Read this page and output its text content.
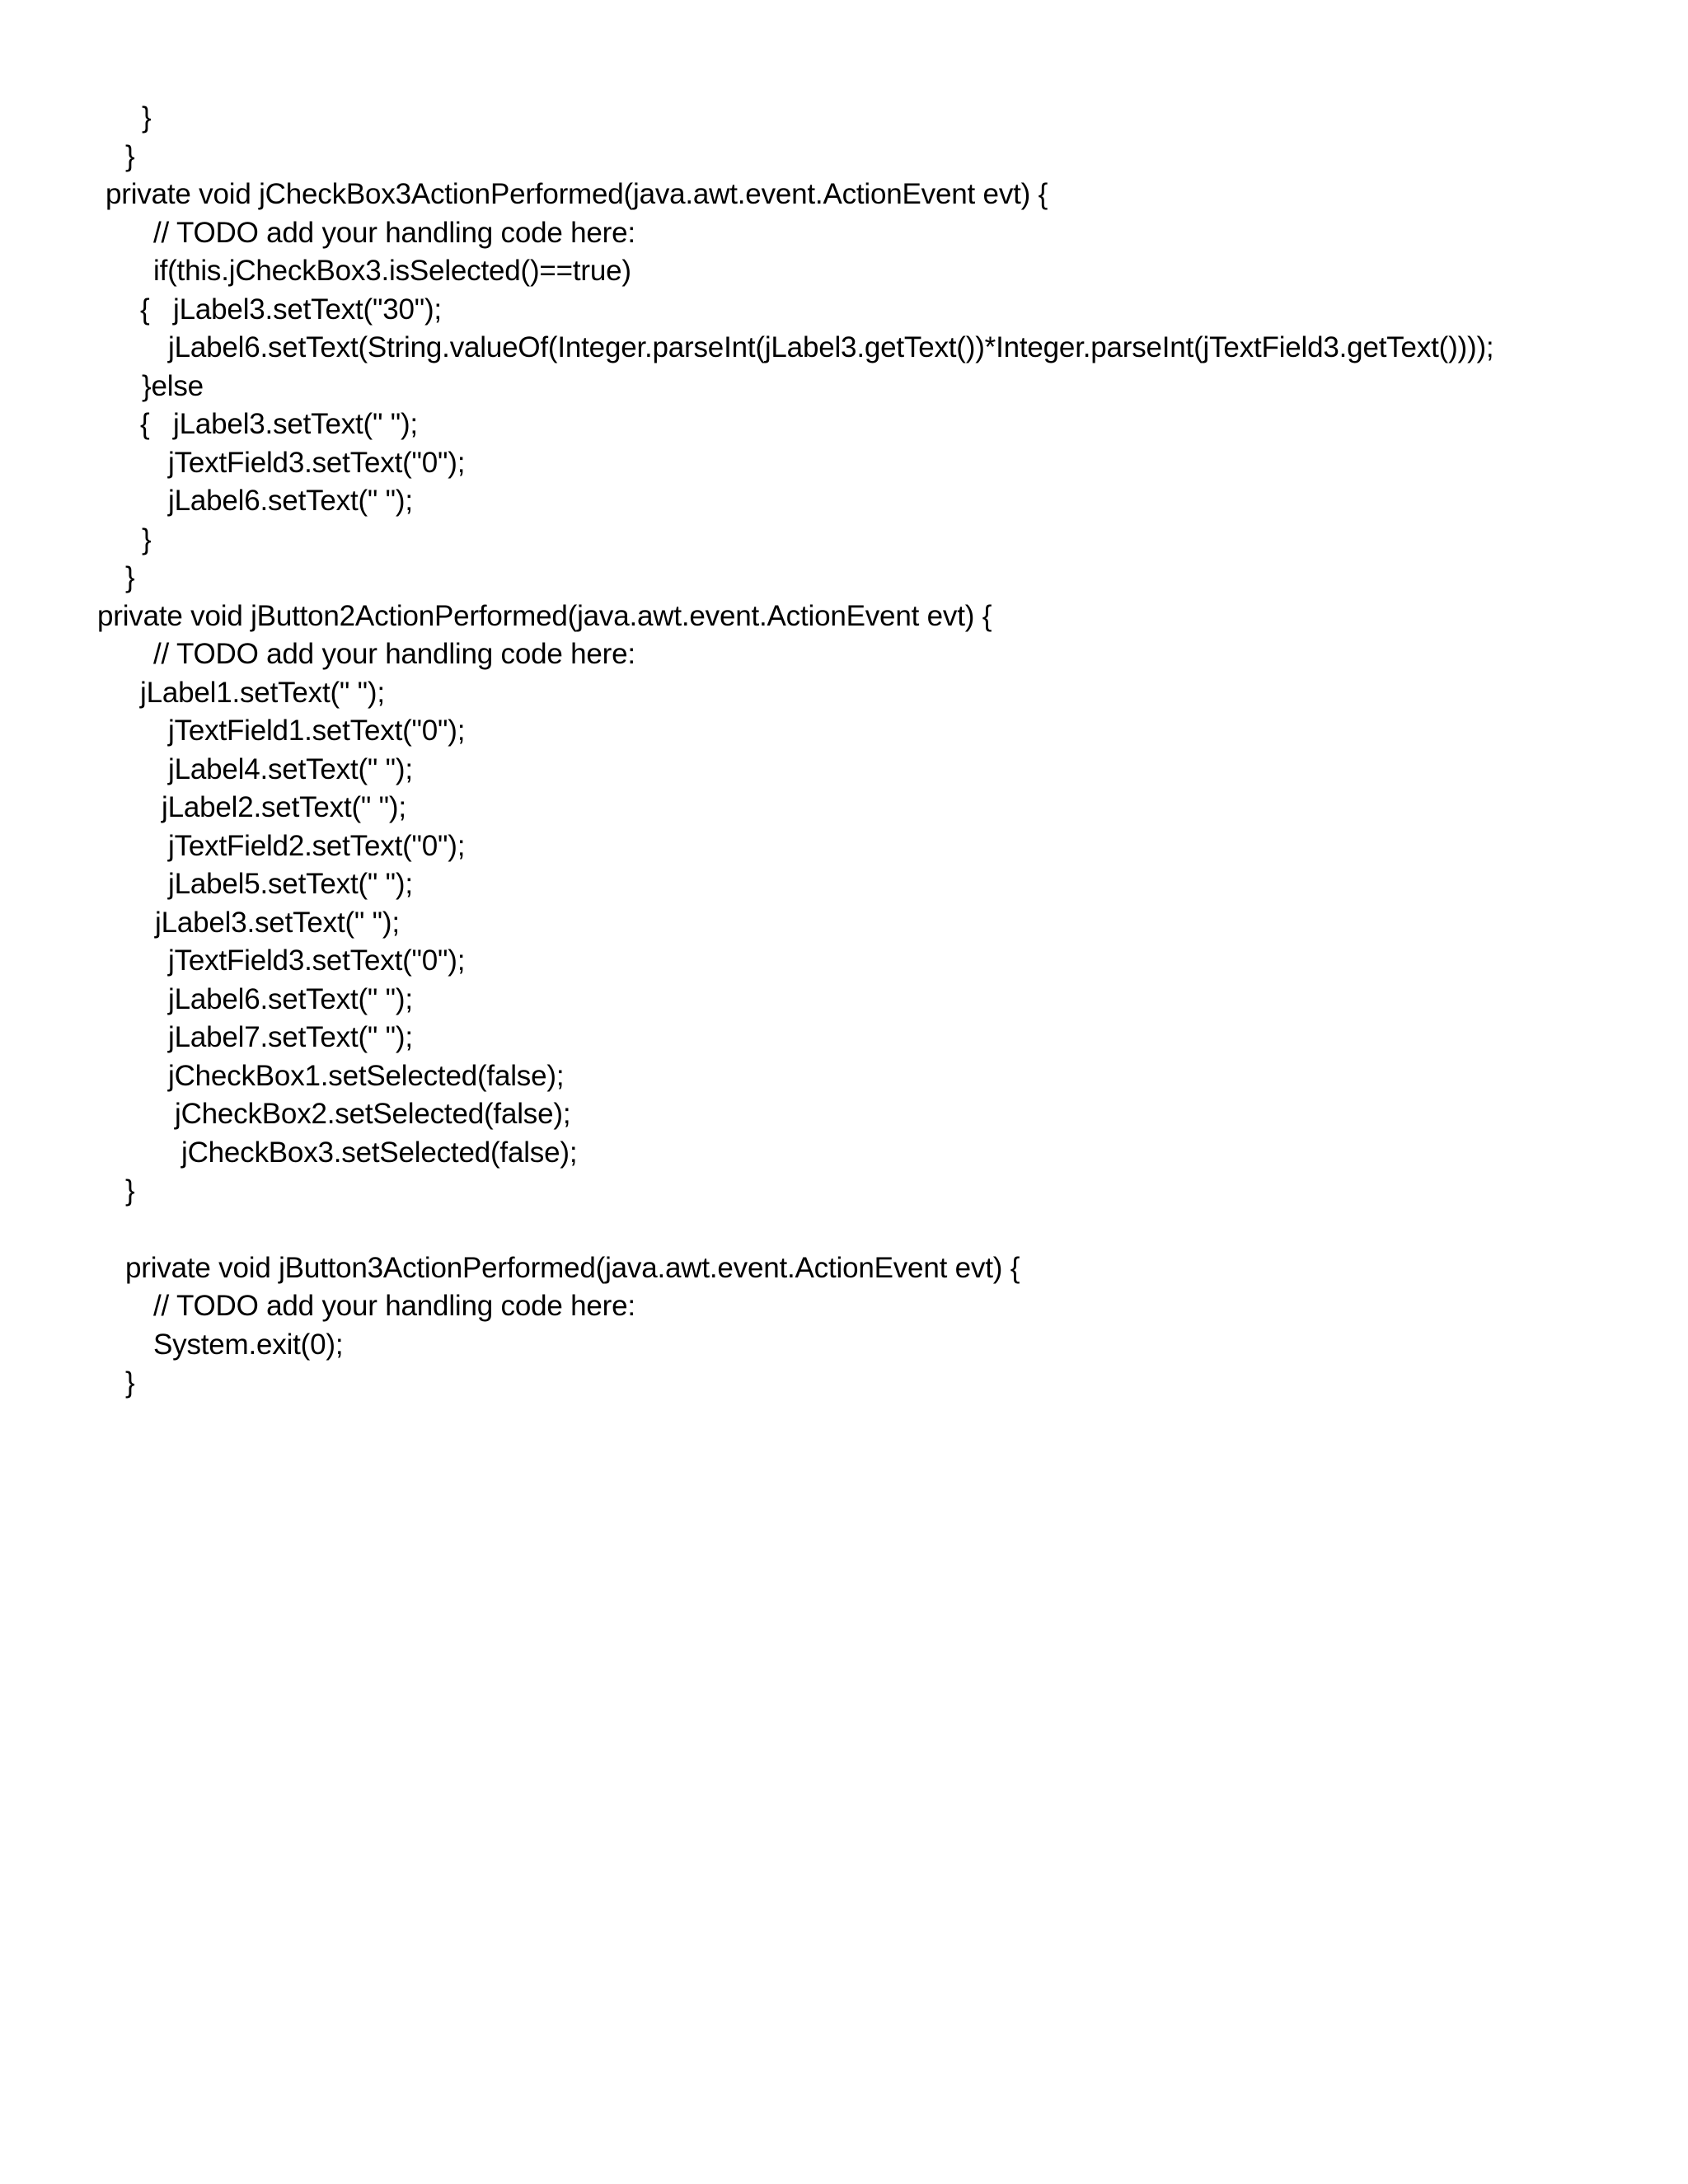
}

}

private void jCheckBox3ActionPerformed(java.awt.event.ActionEvent evt) {

// TODO add your handling code here:

if(this.jCheckBox3.isSelected()==true)

{   jLabel3.setText("30");

jLabel6.setText(String.valueOf(Integer.parseInt(jLabel3.getText())*Integer.parseInt(jTextField3.getText())));

}else

{   jLabel3.setText(" ");

jTextField3.setText("0");

jLabel6.setText(" ");

}

}

private void jButton2ActionPerformed(java.awt.event.ActionEvent evt) {

// TODO add your handling code here:

jLabel1.setText(" ");

jTextField1.setText("0");

jLabel4.setText(" ");

jLabel2.setText(" ");

jTextField2.setText("0");

jLabel5.setText(" ");

jLabel3.setText(" ");

jTextField3.setText("0");

jLabel6.setText(" ");

jLabel7.setText(" ");

jCheckBox1.setSelected(false);

jCheckBox2.setSelected(false);

jCheckBox3.setSelected(false);

}

private void jButton3ActionPerformed(java.awt.event.ActionEvent evt) {

// TODO add your handling code here:

System.exit(0);

}
